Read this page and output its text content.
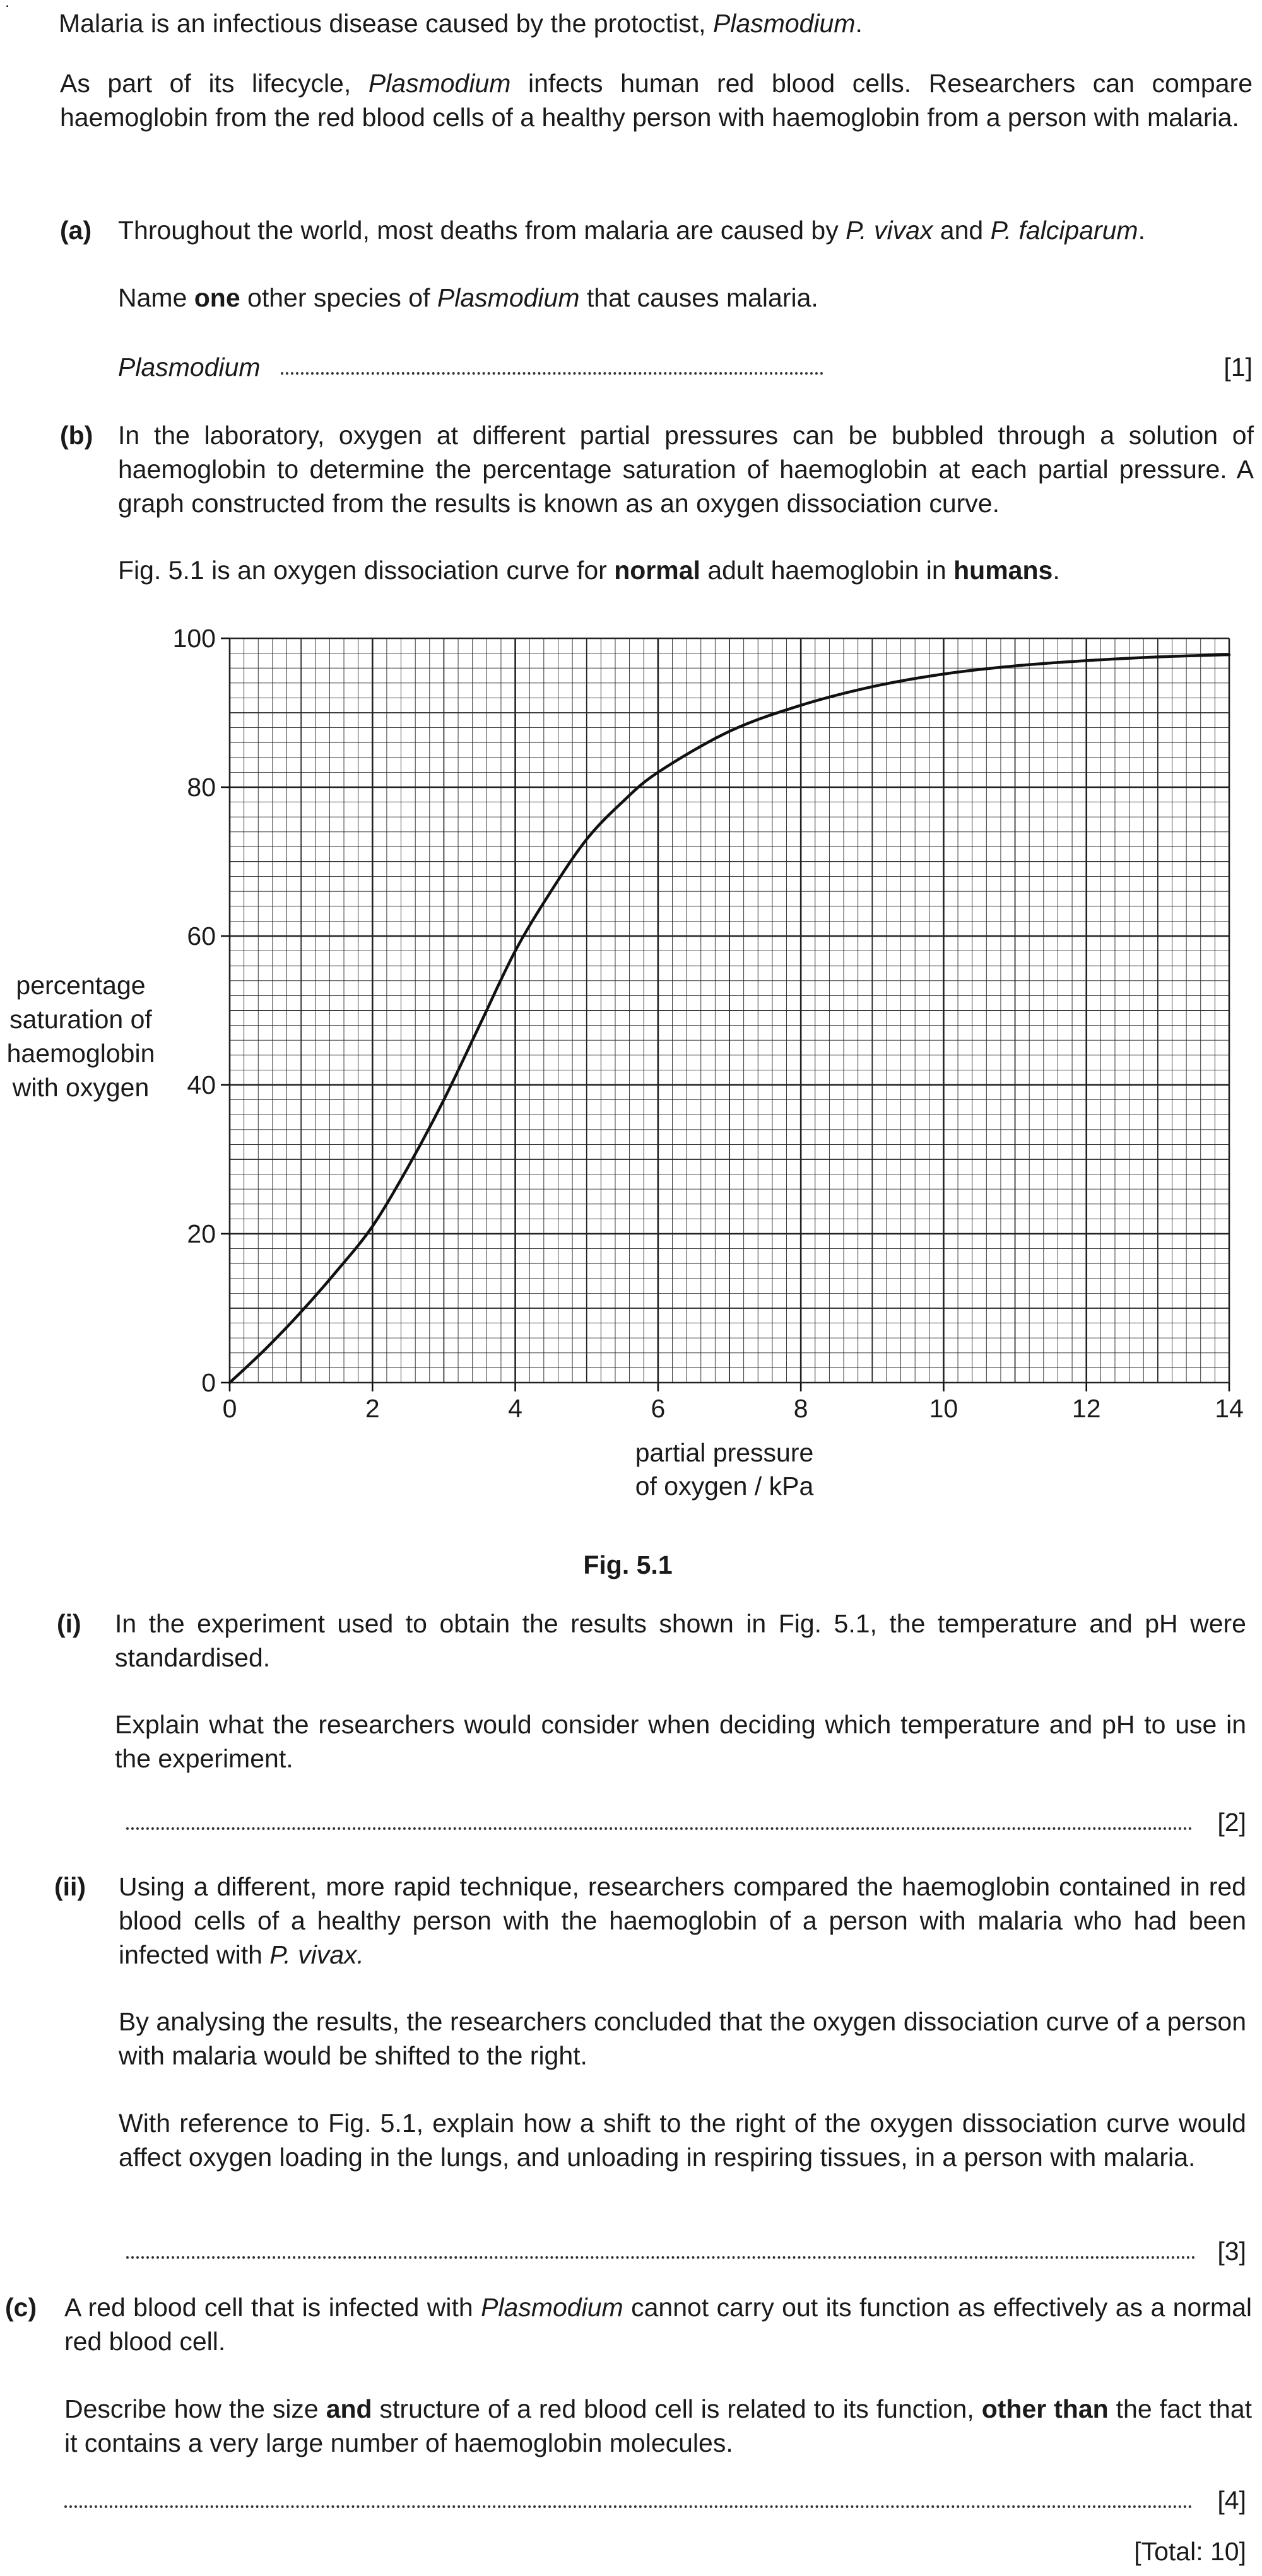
˙ Malaria is an infectious disease caused by the protoctist, Plasmodium.
As part of its lifecycle, Plasmodium infects human red blood cells. Researchers can compare haemoglobin from the red blood cells of a healthy person with haemoglobin from a person with malaria.
(a) Throughout the world, most deaths from malaria are caused by P. vivax and P. falciparum.
Name one other species of Plasmodium that causes malaria.
Plasmodium	[1]
(b) In the laboratory, oxygen at different partial pressures can be bubbled through a solution of haemoglobin to determine the percentage saturation of haemoglobin at each partial pressure. A graph constructed from the results is known as an oxygen dissociation curve.
Fig. 5.1 is an oxygen dissociation curve for normal adult haemoglobin in humans.
0	2	4	6	8	10	12	14
0
20
40
60
80
100
partial pressure
of oxygen / kPa
percentage
saturation of
haemoglobin
with oxygen
Fig. 5.1
(i) In the experiment used to obtain the results shown in Fig. 5.1, the temperature and pH were standardised.
Explain what the researchers would consider when deciding which temperature and pH to use in the experiment.
[2]
(ii) Using a different, more rapid technique, researchers compared the haemoglobin contained in red blood cells of a healthy person with the haemoglobin of a person with malaria who had been infected with P. vivax.
By analysing the results, the researchers concluded that the oxygen dissociation curve of a person with malaria would be shifted to the right.
With reference to Fig. 5.1, explain how a shift to the right of the oxygen dissociation curve would affect oxygen loading in the lungs, and unloading in respiring tissues, in a person with malaria.
[3]
(c) A red blood cell that is infected with Plasmodium cannot carry out its function as effectively as a normal red blood cell.
Describe how the size and structure of a red blood cell is related to its function, other than the fact that it contains a very large number of haemoglobin molecules.
[4]
[Total: 10]
